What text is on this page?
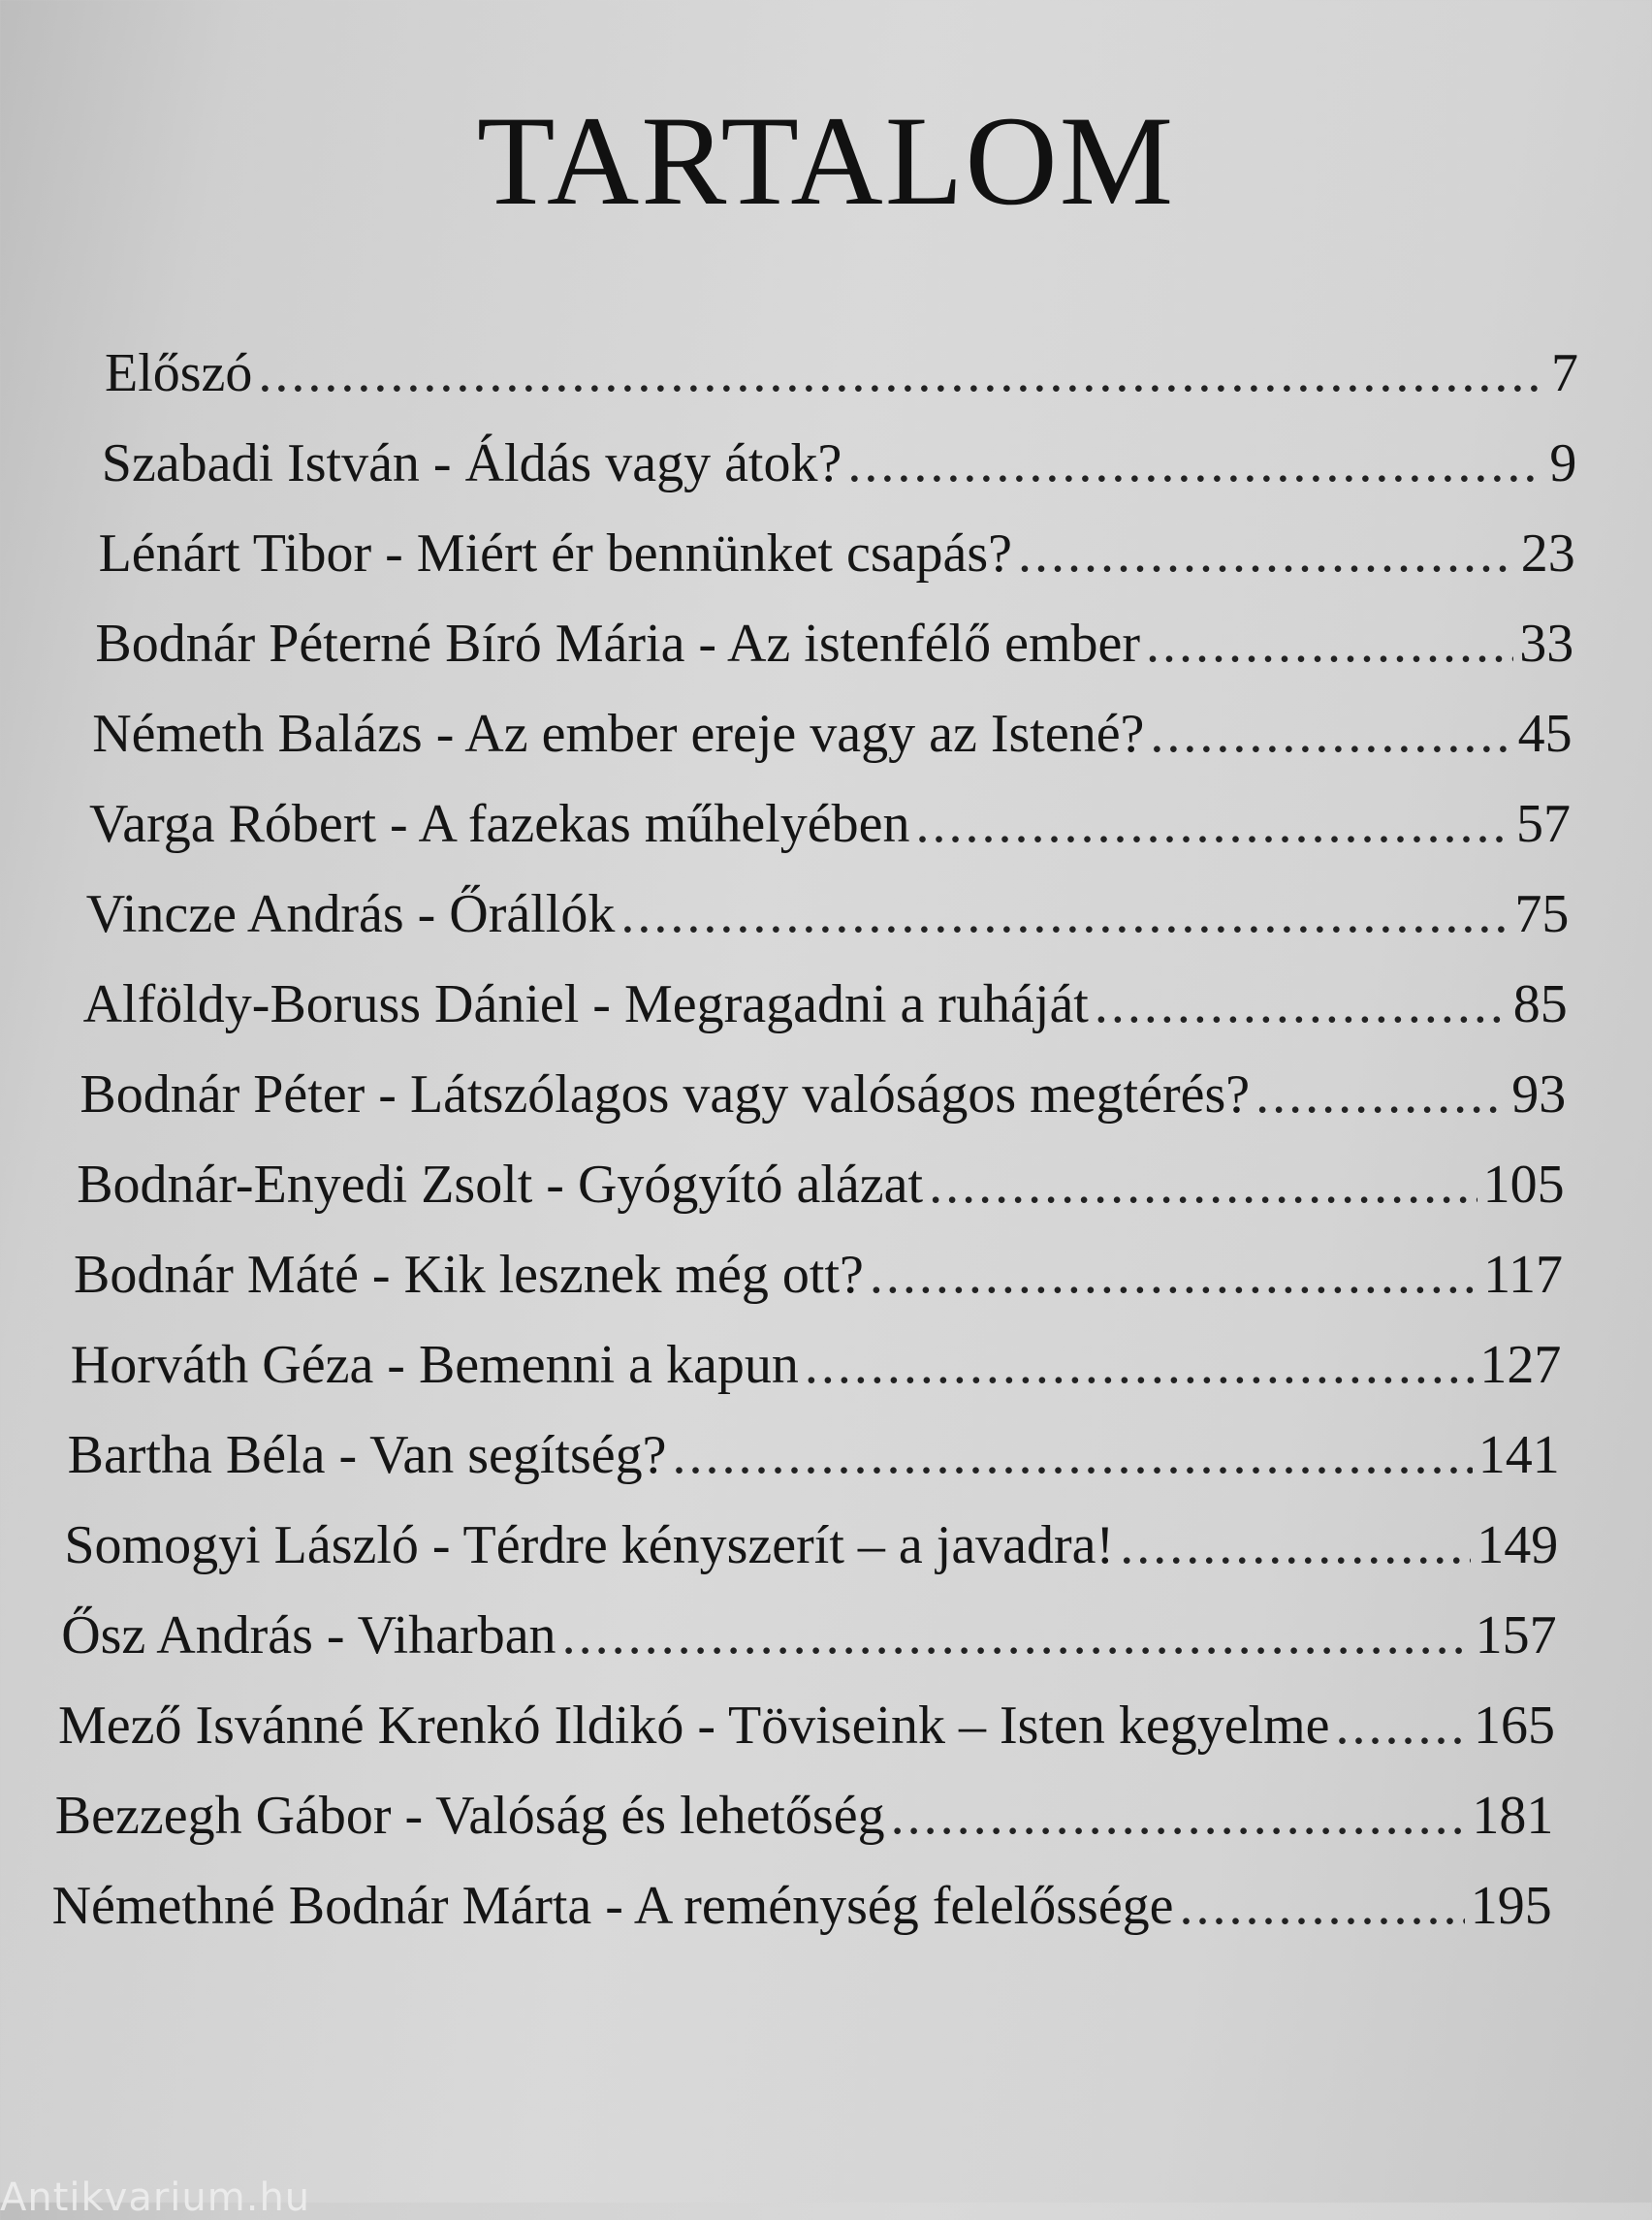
TARTALOM
Előszó .....	7
Szabadi István - Áldás vagy átok? .....	9
Lénárt Tibor - Miért ér bennünket csapás? .....	23
Bodnár Péterné Bíró Mária - Az istenfélő ember .....	33
Németh Balázs - Az ember ereje vagy az Istené? .....	45
Varga Róbert - A fazekas műhelyében .....	57
Vincze András - Őrállók .....	75
Alföldy-Boruss Dániel - Megragadni a ruháját .....	85
Bodnár Péter - Látszólagos vagy valóságos megtérés? .....	93
Bodnár-Enyedi Zsolt - Gyógyító alázat .....	105
Bodnár Máté - Kik lesznek még ott? .....	117
Horváth Géza - Bemenni a kapun .....	127
Bartha Béla - Van segítség? .....	141
Somogyi László - Térdre kényszerít – a javadra! .....	149
Ősz András - Viharban .....	157
Mező Isvánné Krenkó Ildikó - Töviseink – Isten kegyelme .....	165
Bezzegh Gábor - Valóság és lehetőség .....	181
Némethné Bodnár Márta - A reménység felelőssége .....	195
Antikvarium.hu
